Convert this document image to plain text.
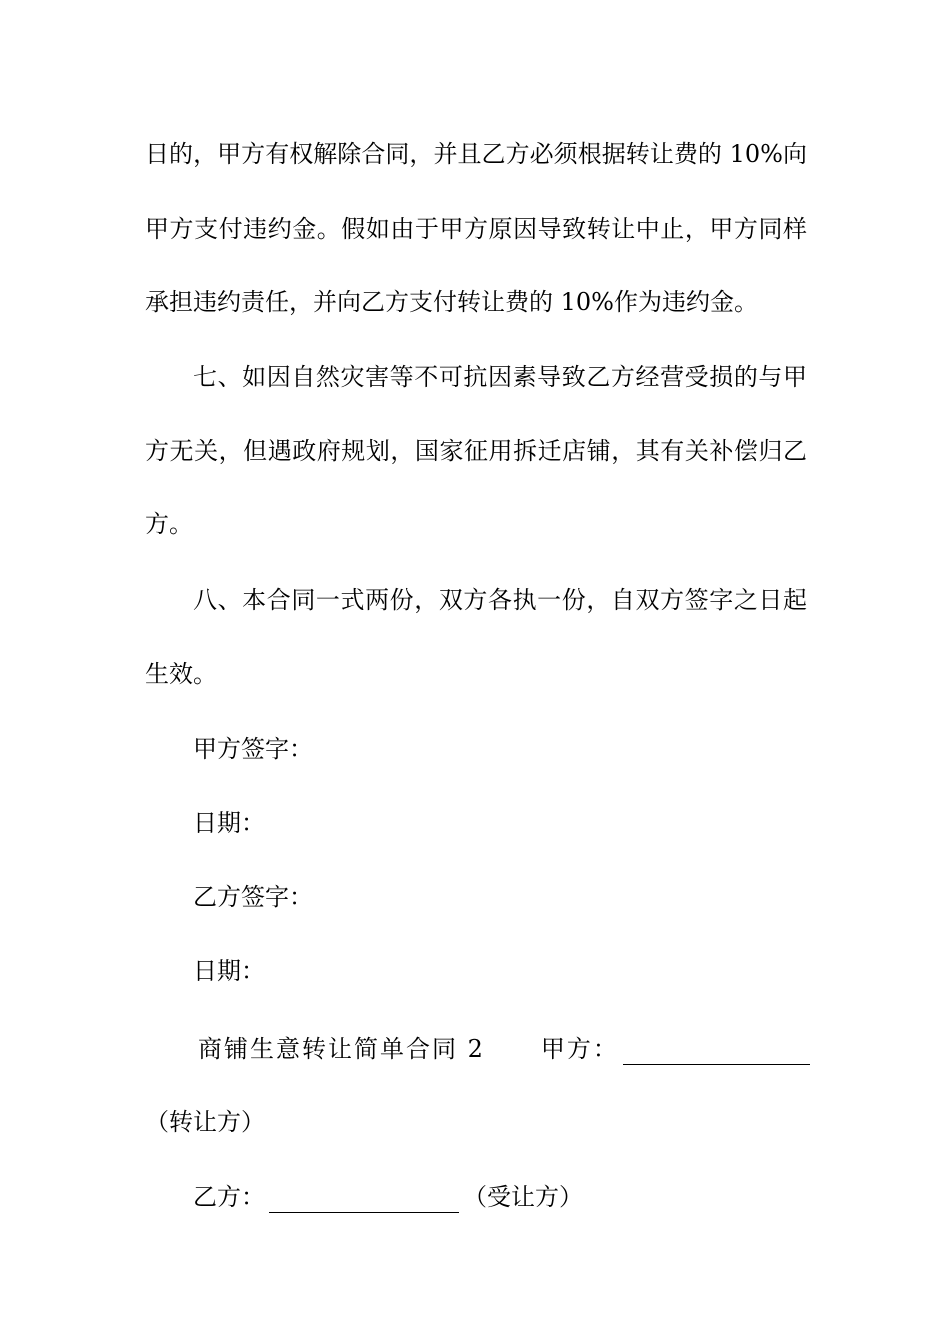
日的，甲方有权解除合同，并且乙方必须根据转让费的 10%向
甲方支付违约金。假如由于甲方原因导致转让中止，甲方同样
承担违约责任，并向乙方支付转让费的 10%作为违约金。
七、如因自然灾害等不可抗因素导致乙方经营受损的与甲
方无关，但遇政府规划，国家征用拆迁店铺，其有关补偿归乙
方。
八、本合同一式两份，双方各执一份，自双方签字之日起
生效。
甲方签字：
日期：
乙方签字：
日期：
商铺生意转让简单合同 2 甲方：
（转让方）
乙方：	（受让方）
